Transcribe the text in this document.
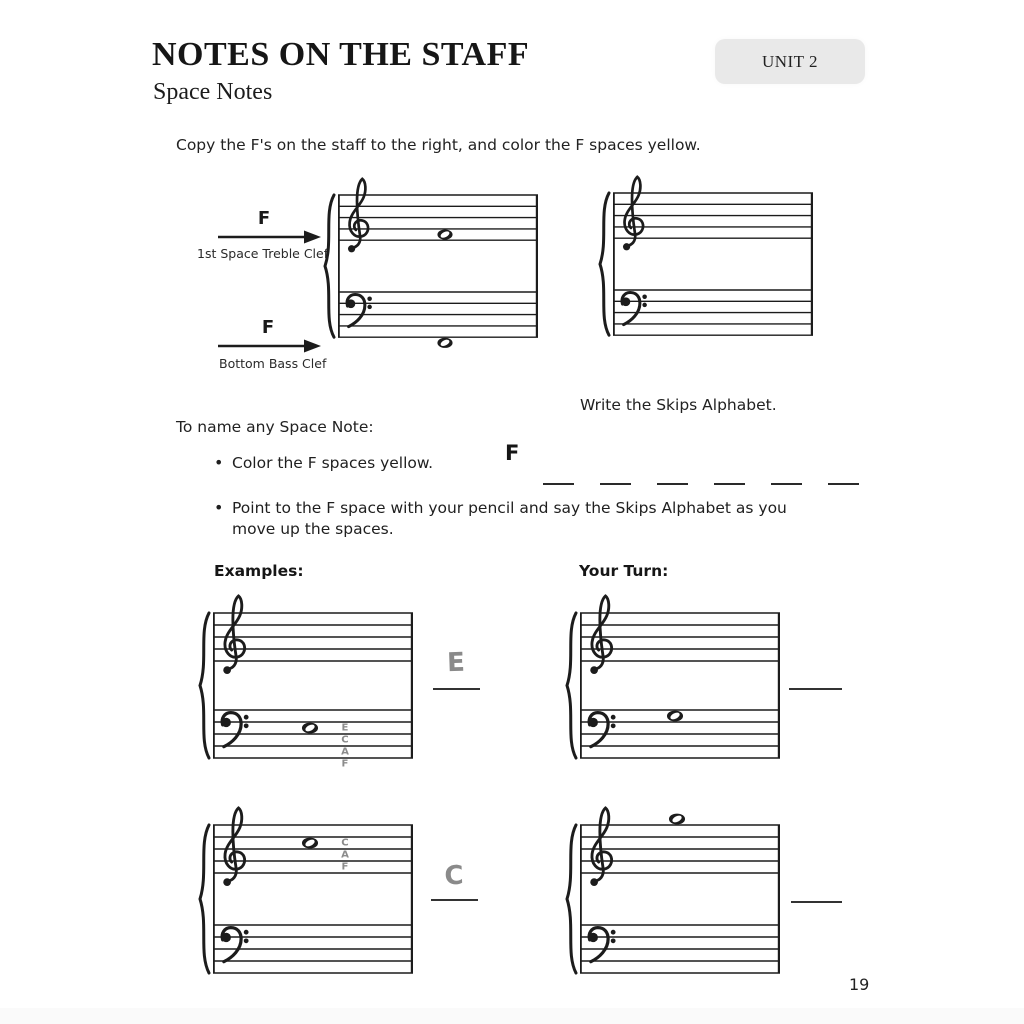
NOTES ON THE STAFF
Space Notes
UNIT 2
Copy the F's on the staff to the right, and color the F spaces yellow.
F
1st Space Treble Clef
F
Bottom Bass Clef
E
C
A
F
C
A
F
Write the Skips Alphabet.
F
To name any Space Note:
• Color the F spaces yellow.
• Point to the F space with your pencil and say the Skips Alphabet as you move up the spaces.
Examples:	Your Turn:
E
C
19
